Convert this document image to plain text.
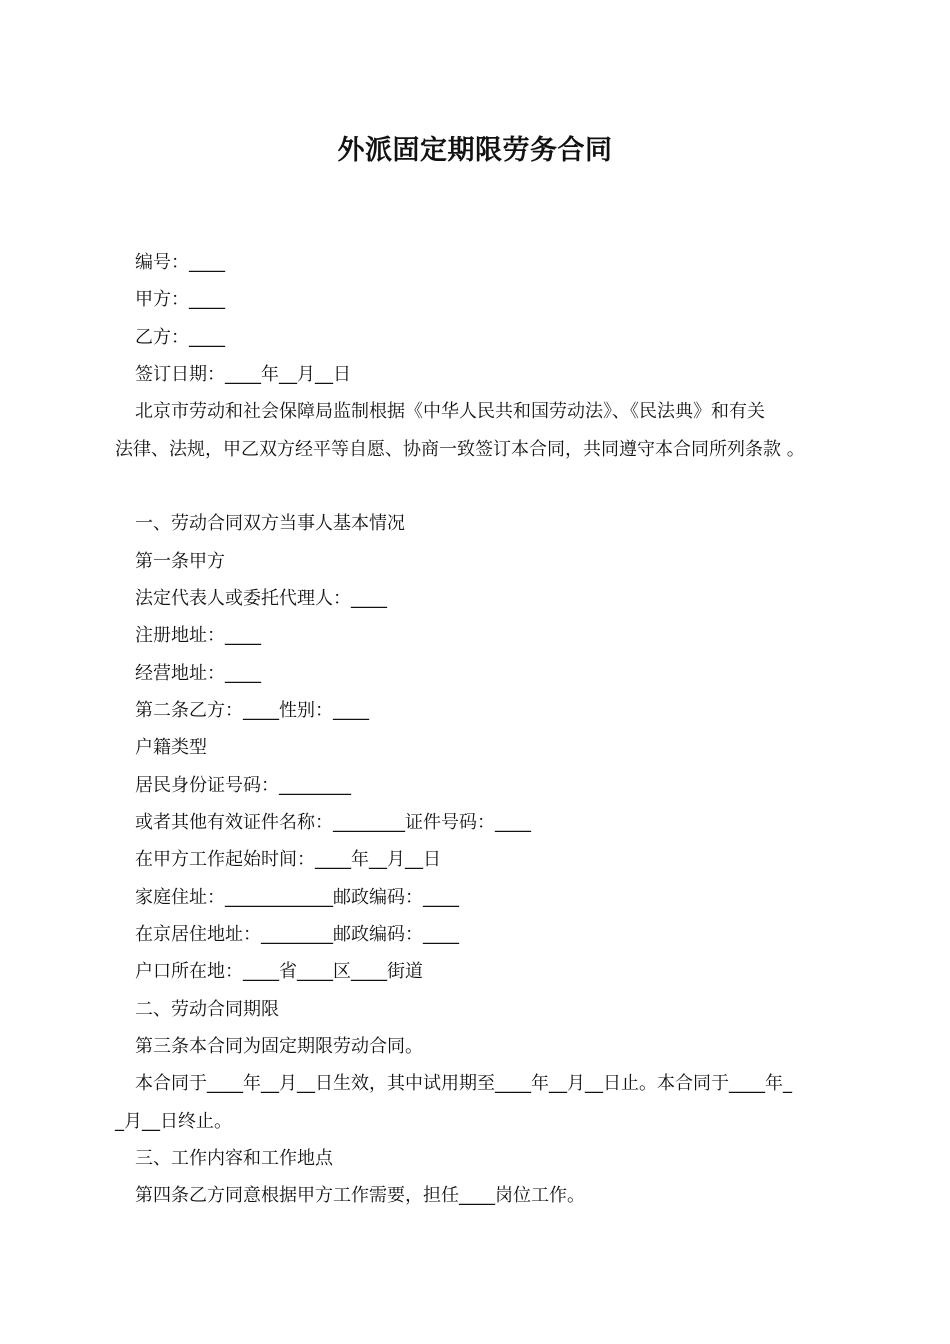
外派固定期限劳务合同
编号：____
甲方：____
乙方：____
签订日期：____年__月__日
北京市劳动和社会保障局监制根据《中华人民共和国劳动法》、《民法典》和有关
法律、法规，甲乙双方经平等自愿、协商一致签订本合同，共同遵守本合同所列条款 。
一、劳动合同双方当事人基本情况
第一条甲方
法定代表人或委托代理人：____
注册地址：____
经营地址：____
第二条乙方：____性别：____
户籍类型
居民身份证号码：________
或者其他有效证件名称：________证件号码：____
在甲方工作起始时间：____年__月__日
家庭住址：____________邮政编码：____
在京居住地址：________邮政编码：____
户口所在地：____省____区____街道
二、劳动合同期限
第三条本合同为固定期限劳动合同。
本合同于____年__月__日生效，其中试用期至____年__月__日止。本合同于____年_
_月__日终止。
三、工作内容和工作地点
第四条乙方同意根据甲方工作需要，担任____岗位工作。
